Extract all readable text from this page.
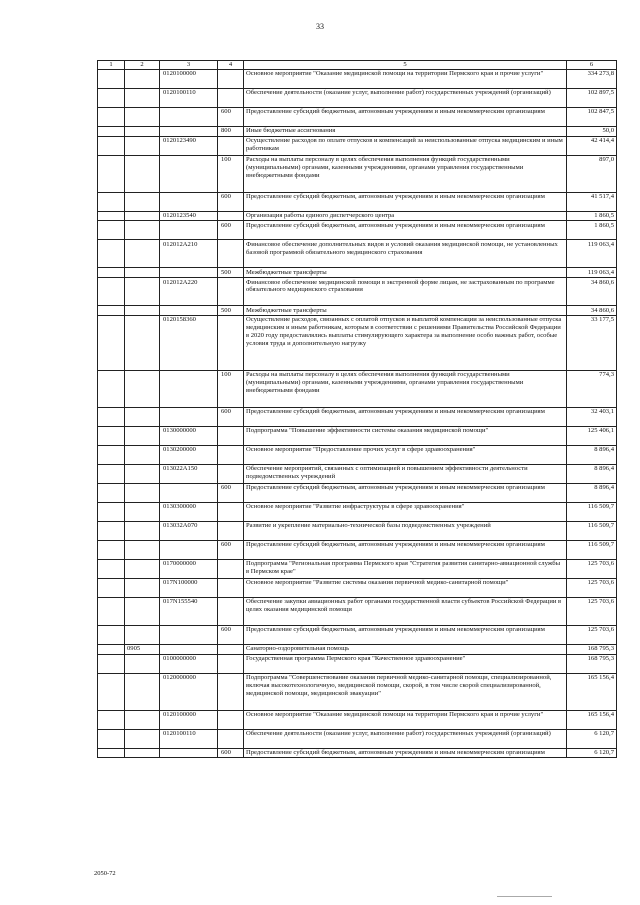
33
1	2	3	4	5	6
		0120100000		Основное мероприятие "Оказание медицинской помощи на территории Пермского края и прочие услуги"	334 273,8
		0120100110		Обеспечение деятельности (оказание услуг, выполнение работ) государственных учреждений (организаций)	102 897,5
			600	Предоставление субсидий бюджетным, автономным учреждениям и иным некоммерческим организациям	102 847,5
			800	Иные бюджетные ассигнования	50,0
		0120123490		Осуществление расходов по оплате отпусков и компенсаций за неиспользованные отпуска медицинским и иным работникам	42 414,4
			100	Расходы на выплаты персоналу в целях обеспечения выполнения функций государственными (муниципальными) органами, казенными учреждениями, органами управления государственными внебюджетными фондами	897,0
			600	Предоставление субсидий бюджетным, автономным учреждениям и иным некоммерческим организациям	41 517,4
		0120123540		Организация работы единого диспетчерского центра	1 860,5
			600	Предоставление субсидий бюджетным, автономным учреждениям и иным некоммерческим организациям	1 860,5
		012012А210		Финансовое обеспечение дополнительных видов и условий оказания медицинской помощи, не установленных базовой программой обязательного медицинского страхования	119 063,4
			500	Межбюджетные трансферты	119 063,4
		012012А220		Финансовое обеспечение медицинской помощи в экстренной форме лицам, не застрахованным по программе обязательного медицинского страхования	34 860,6
			500	Межбюджетные трансферты	34 860,6
		0120158360		Осуществление расходов, связанных с оплатой отпусков и выплатой компенсации за неиспользованные отпуска медицинским и иным работникам, которым в соответствии с решениями Правительства Российской Федерации в 2020 году предоставлялись выплаты стимулирующего характера за выполнение особо важных работ, особые условия труда и дополнительную нагрузку	33 177,5
			100	Расходы на выплаты персоналу в целях обеспечения выполнения функций государственными (муниципальными) органами, казенными учреждениями, органами управления государственными внебюджетными фондами	774,3
			600	Предоставление субсидий бюджетным, автономным учреждениям и иным некоммерческим организациям	32 403,1
		0130000000		Подпрограмма "Повышение эффективности системы оказания медицинской помощи"	125 406,1
		0130200000		Основное мероприятие "Предоставление прочих услуг в сфере здравоохранения"	8 896,4
		013022А150		Обеспечение мероприятий, связанных с оптимизацией и повышением эффективности деятельности подведомственных учреждений	8 896,4
			600	Предоставление субсидий бюджетным, автономным учреждениям и иным некоммерческим организациям	8 896,4
		0130300000		Основное мероприятие "Развитие инфраструктуры в сфере здравоохранения"	116 509,7
		013032А070		Развитие и укрепление материально-технической базы подведомственных учреждений	116 509,7
			600	Предоставление субсидий бюджетным, автономным учреждениям и иным некоммерческим организациям	116 509,7
		0170000000		Подпрограмма "Региональная программа Пермского края "Стратегия развития санитарно-авиационной службы в Пермском крае"	125 703,6
		017N100000		Основное мероприятие "Развитие системы оказания первичной медико-санитарной помощи"	125 703,6
		017N155540		Обеспечение закупки авиационных работ органами государственной власти субъектов Российской Федерации в целях оказания медицинской помощи	125 703,6
			600	Предоставление субсидий бюджетным, автономным учреждениям и иным некоммерческим организациям	125 703,6
	0905			Санаторно-оздоровительная помощь	168 795,3
		0100000000		Государственная программа Пермского края "Качественное здравоохранение"	168 795,3
		0120000000		Подпрограмма "Совершенствование оказания первичной медико-санитарной помощи, специализированной, включая высокотехнологичную, медицинской помощи, скорой, в том числе скорой специализированной, медицинской помощи, медицинской эвакуации"	165 156,4
		0120100000		Основное мероприятие "Оказание медицинской помощи на территории Пермского края и прочие услуги"	165 156,4
		0120100110		Обеспечение деятельности (оказание услуг, выполнение работ) государственных учреждений (организаций)	6 120,7
			600	Предоставление субсидий бюджетным, автономным учреждениям и иным некоммерческим организациям	6 120,7
2050-72
